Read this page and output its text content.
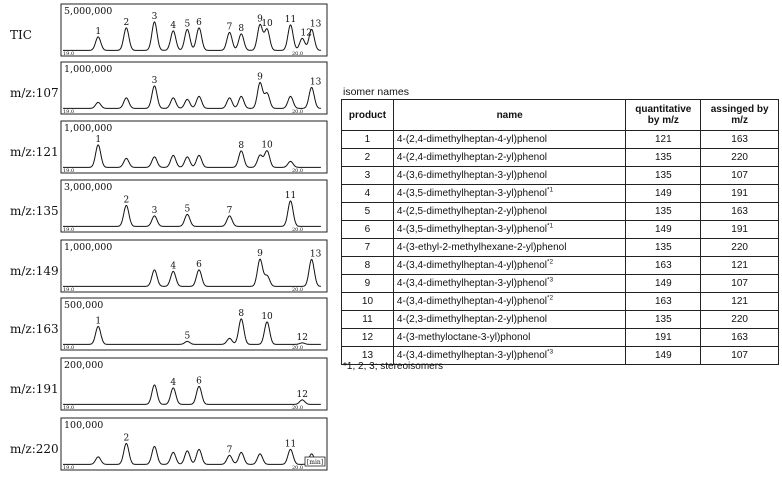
TIC
5,000,000
19.0	20.0
1
2
3
4 5 6	7 8
9
10 11
12
13
m/z:107
1,000,000
19.0	20.0
3	9	13
m/z:121
1,000,000
19.0	20.0
1
8 10
m/z:135
3,000,000
19.0	20.0
2
3	5	7
11
m/z:149
1,000,000
19.0	20.0
4 6
9	13
m/z:163
500,000
19.0	20.0
1
5
8 10
12
m/z:191
200,000
19.0	20.0
4 6
12
m/z:220
100,000
19.0	20.0
2
7
11
[min]
isomer names
product	name	quantitative by m/z	assinged by m/z
1	4-(2,4-dimethylheptan-4-yl)phenol	121	163
2	4-(2,4-dimethylheptan-2-yl)phenol	135	220
3	4-(3,6-dimethylheptan-3-yl)phenol	135	107
4	4-(3,5-dimethylheptan-3-yl)phenol$^{*1}$	149	191
5	4-(2,5-dimethylheptan-2-yl)phenol	135	163
6	4-(3,5-dimethylheptan-3-yl)phenol$^{*1}$	149	191
7	4-(3-ethyl-2-methylhexane-2-yl)phenol	135	220
8	4-(3,4-dimethylheptan-4-yl)phenol$^{*2}$	163	121
9	4-(3,4-dimethylheptan-3-yl)phenol$^{*3}$	149	107
10	4-(3,4-dimethylheptan-4-yl)phenol$^{*2}$	163	121
11	4-(2,3-dimethylheptan-2-yl)phenol	135	220
12	4-(3-methyloctane-3-yl)phonol	191	163
13	4-(3,4-dimethylheptan-3-yl)phenol$^{*3}$	149	107
*1, 2, 3; stereoisomers
